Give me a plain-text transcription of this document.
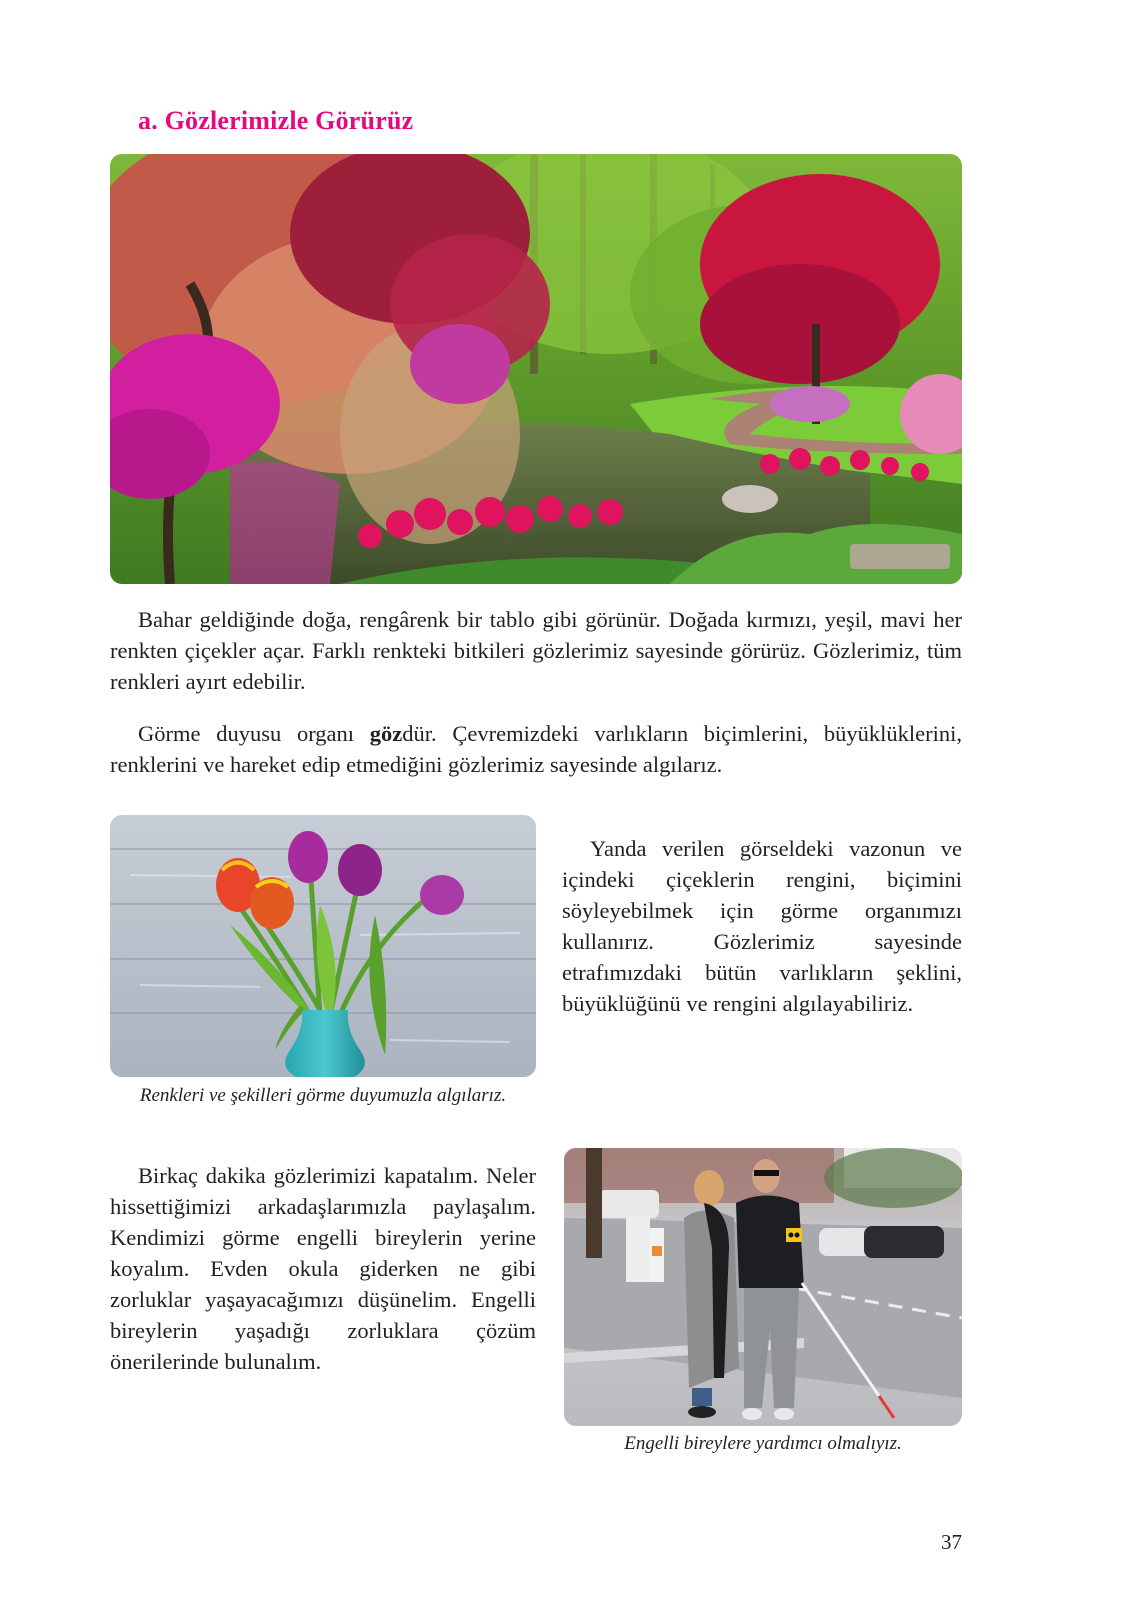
a. Gözlerimizle Görürüz

Bahar geldiğinde doğa, rengârenk bir tablo gibi görünür. Doğada kırmızı, yeşil, mavi her renkten çiçekler açar. Farklı renkteki bitkileri gözlerimiz sayesinde görürüz. Gözlerimiz, tüm renkleri ayırt edebilir.

Görme duyusu organı gözdür. Çevremizdeki varlıkların biçimlerini, büyüklüklerini, renklerini ve hareket edip etmediğini gözlerimiz sayesinde algılarız.

Renkleri ve şekilleri görme duyumuzla algılarız.

Yanda verilen görseldeki vazonun ve içindeki çiçeklerin rengini, biçimini söyleyebilmek için görme organımızı kullanırız. Gözlerimiz sayesinde etrafımızdaki bütün varlıkların şeklini, büyüklüğünü ve rengini algılayabiliriz.

Birkaç dakika gözlerimizi kapatalım. Neler hissettiğimizi arkadaşlarımızla paylaşalım. Kendimizi görme engelli bireylerin yerine koyalım. Evden okula giderken ne gibi zorluklar yaşayacağımızı düşünelim. Engelli bireylerin yaşadığı zorluklara çözüm önerilerinde bulunalım.

Engelli bireylere yardımcı olmalıyız.

37
